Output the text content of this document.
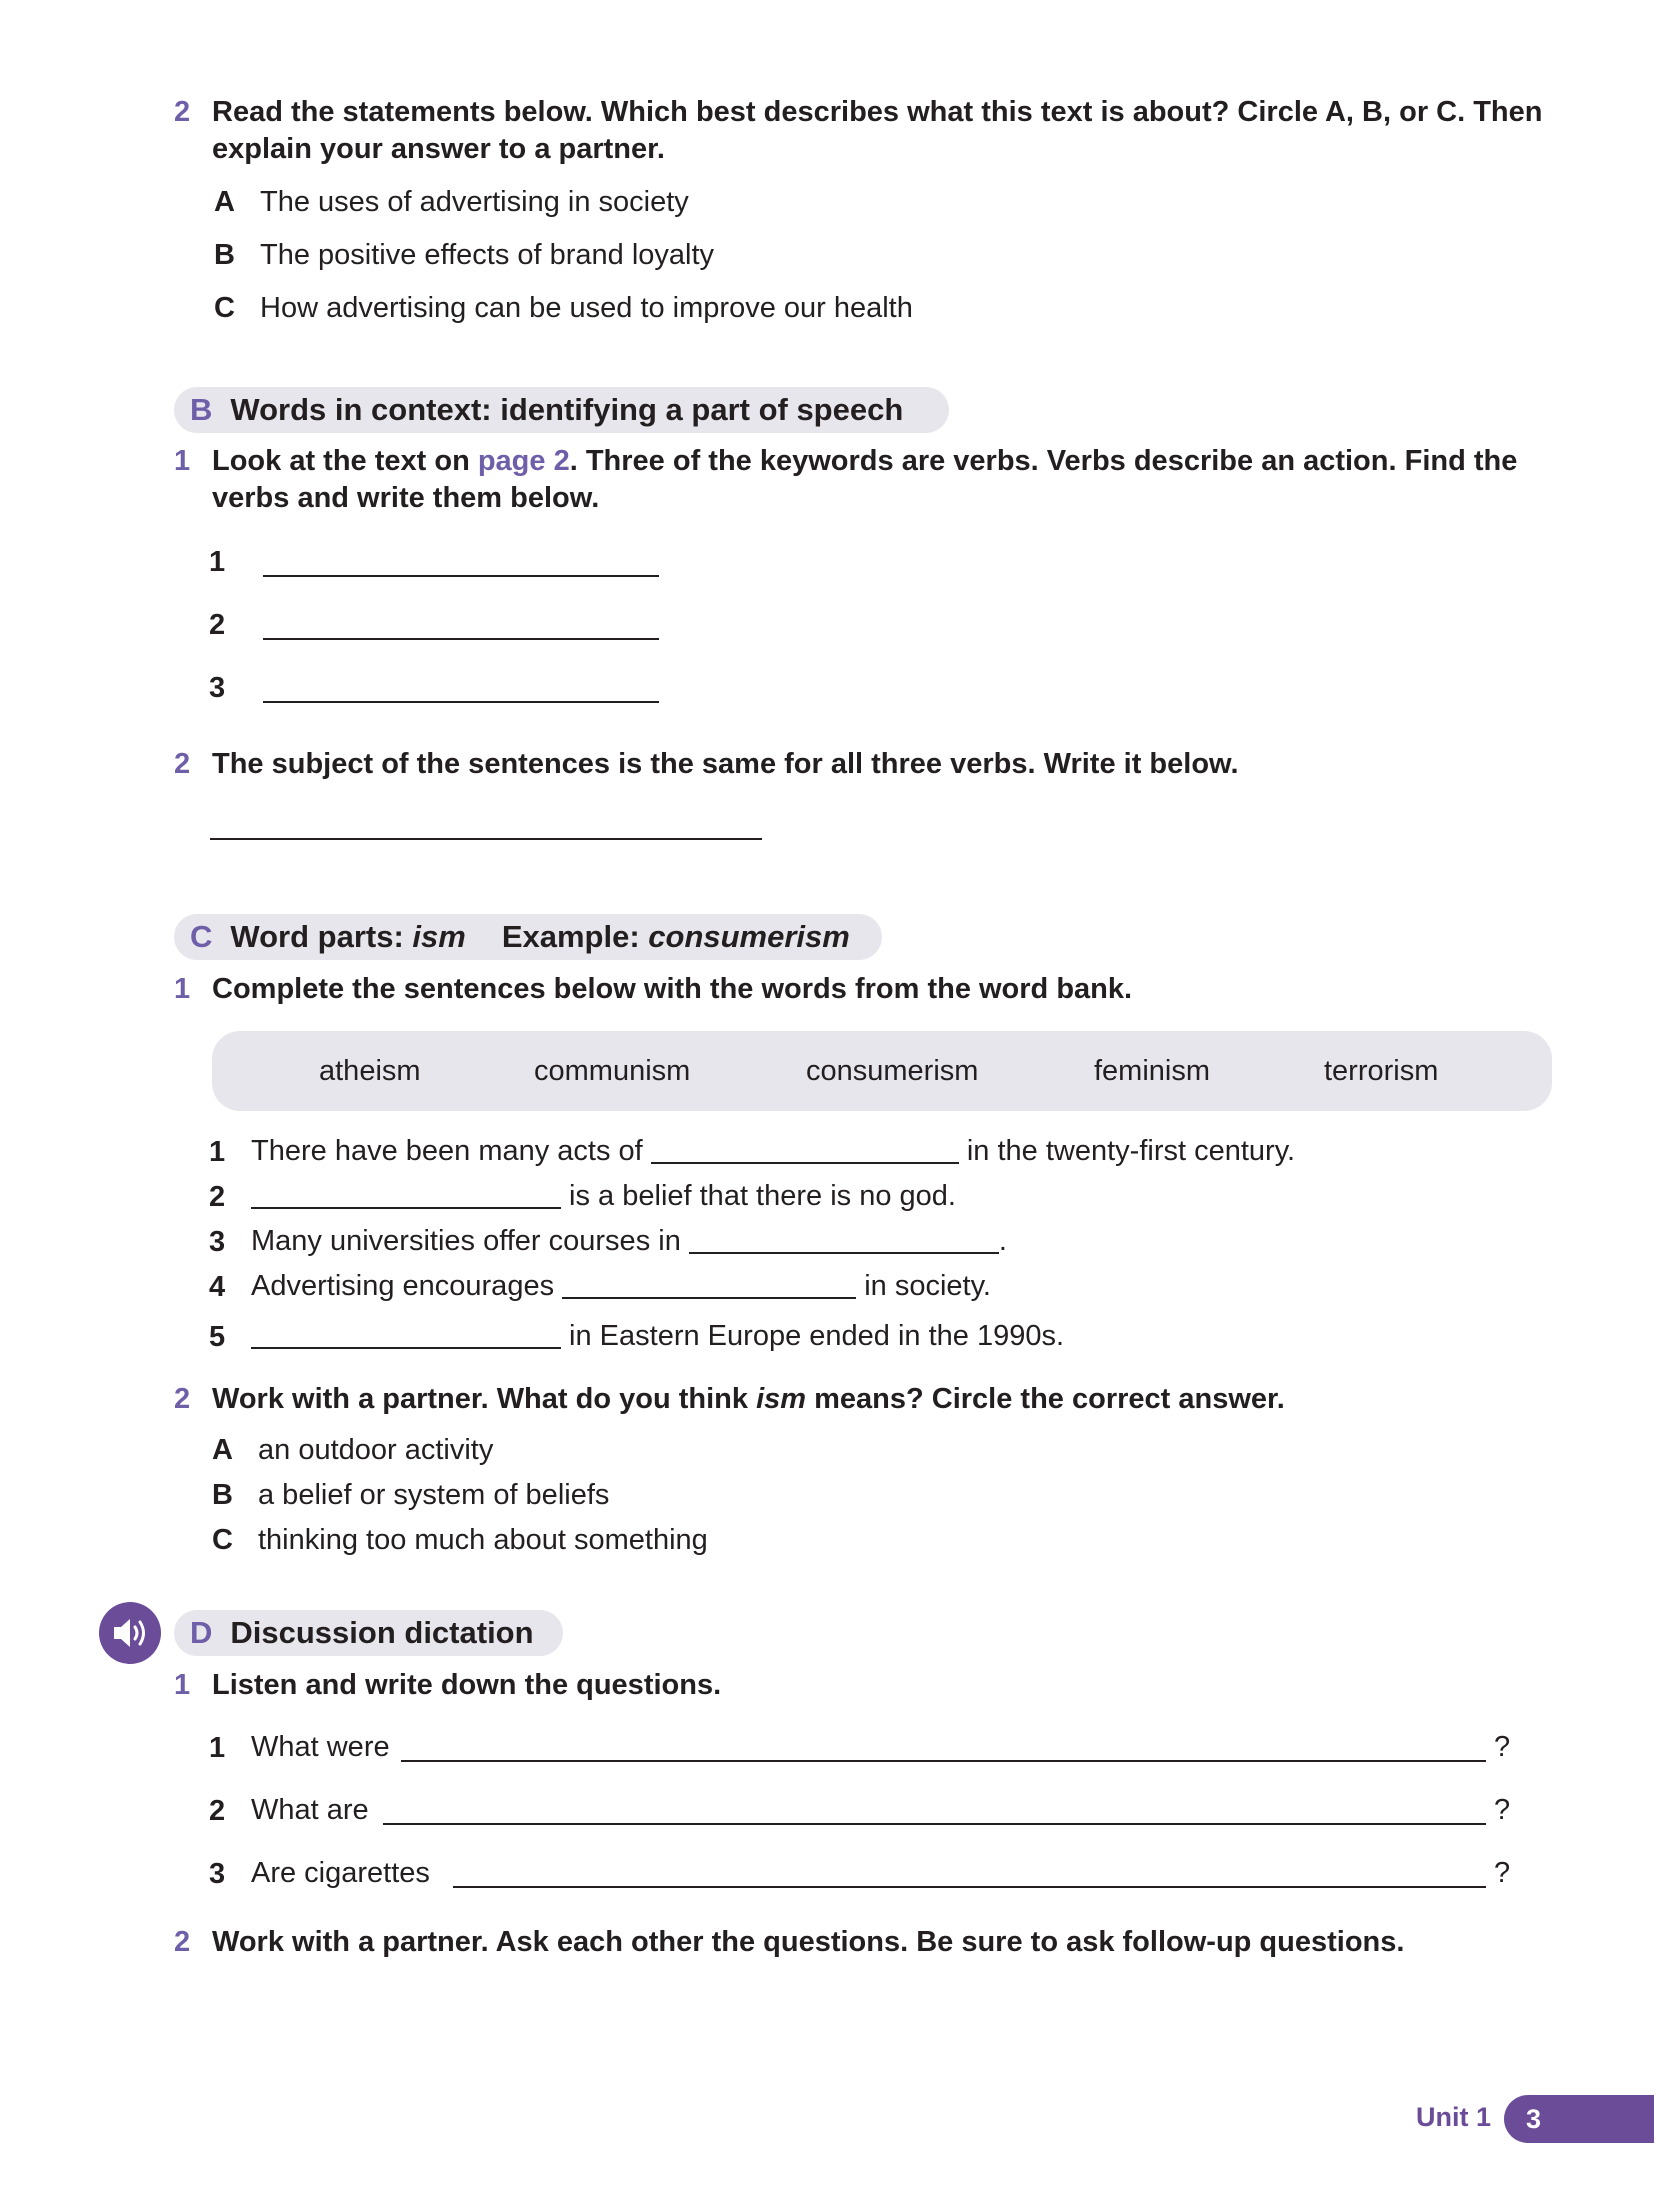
2 Read the statements below. Which best describes what this text is about? Circle A, B, or C. Then
explain your answer to a partner.
A The uses of advertising in society
B The positive effects of brand loyalty
C How advertising can be used to improve our health
B Words in context: identifying a part of speech
1 Look at the text on page 2. Three of the keywords are verbs. Verbs describe an action. Find the
verbs and write them below.
1
2
3
2 The subject of the sentences is the same for all three verbs. Write it below.
C Word parts: ism Example: consumerism
1 Complete the sentences below with the words from the word bank.
atheism	communism	consumerism	feminism	terrorism
1 There have been many acts of	in the twenty-first century.
2	is a belief that there is no god.
3 Many universities offer courses in	.
4 Advertising encourages	in society.
5	in Eastern Europe ended in the 1990s.
2 Work with a partner. What do you think ism means? Circle the correct answer.
A an outdoor activity
B a belief or system of beliefs
C thinking too much about something
D Discussion dictation
1 Listen and write down the questions.
1 What were	?
2 What are	?
3 Are cigarettes	?
2 Work with a partner. Ask each other the questions. Be sure to ask follow-up questions.
Unit 1 3
